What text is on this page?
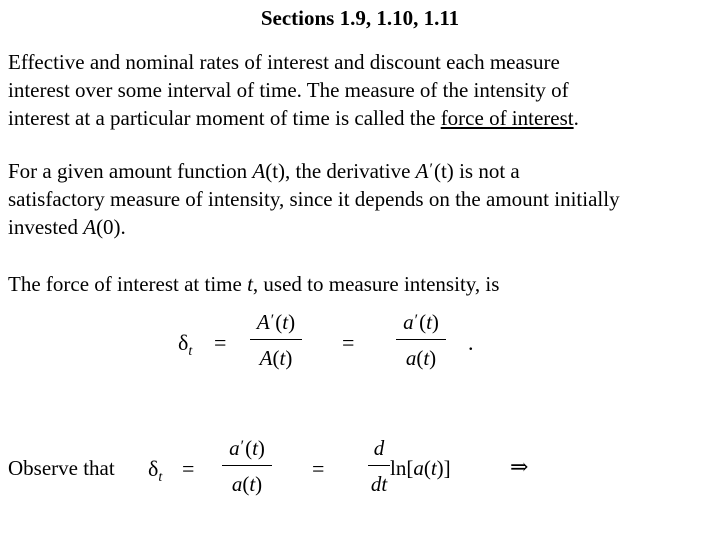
Sections 1.9, 1.10, 1.11
Effective and nominal rates of interest and discount each measure
interest over some interval of time. The measure of the intensity of
interest at a particular moment of time is called the force of interest.
For a given amount function A(t), the derivative A′(t) is not a
satisfactory measure of intensity, since it depends on the amount initially
invested A(0).
The force of interest at time t, used to measure intensity, is
$\delta_t$ =
A′(t)
A(t)
=
a′(t)
a(t)
.
Observe that $\delta_t$ =
a′(t)
a(t)
=
d
dt
ln[a(t)]	⇒
